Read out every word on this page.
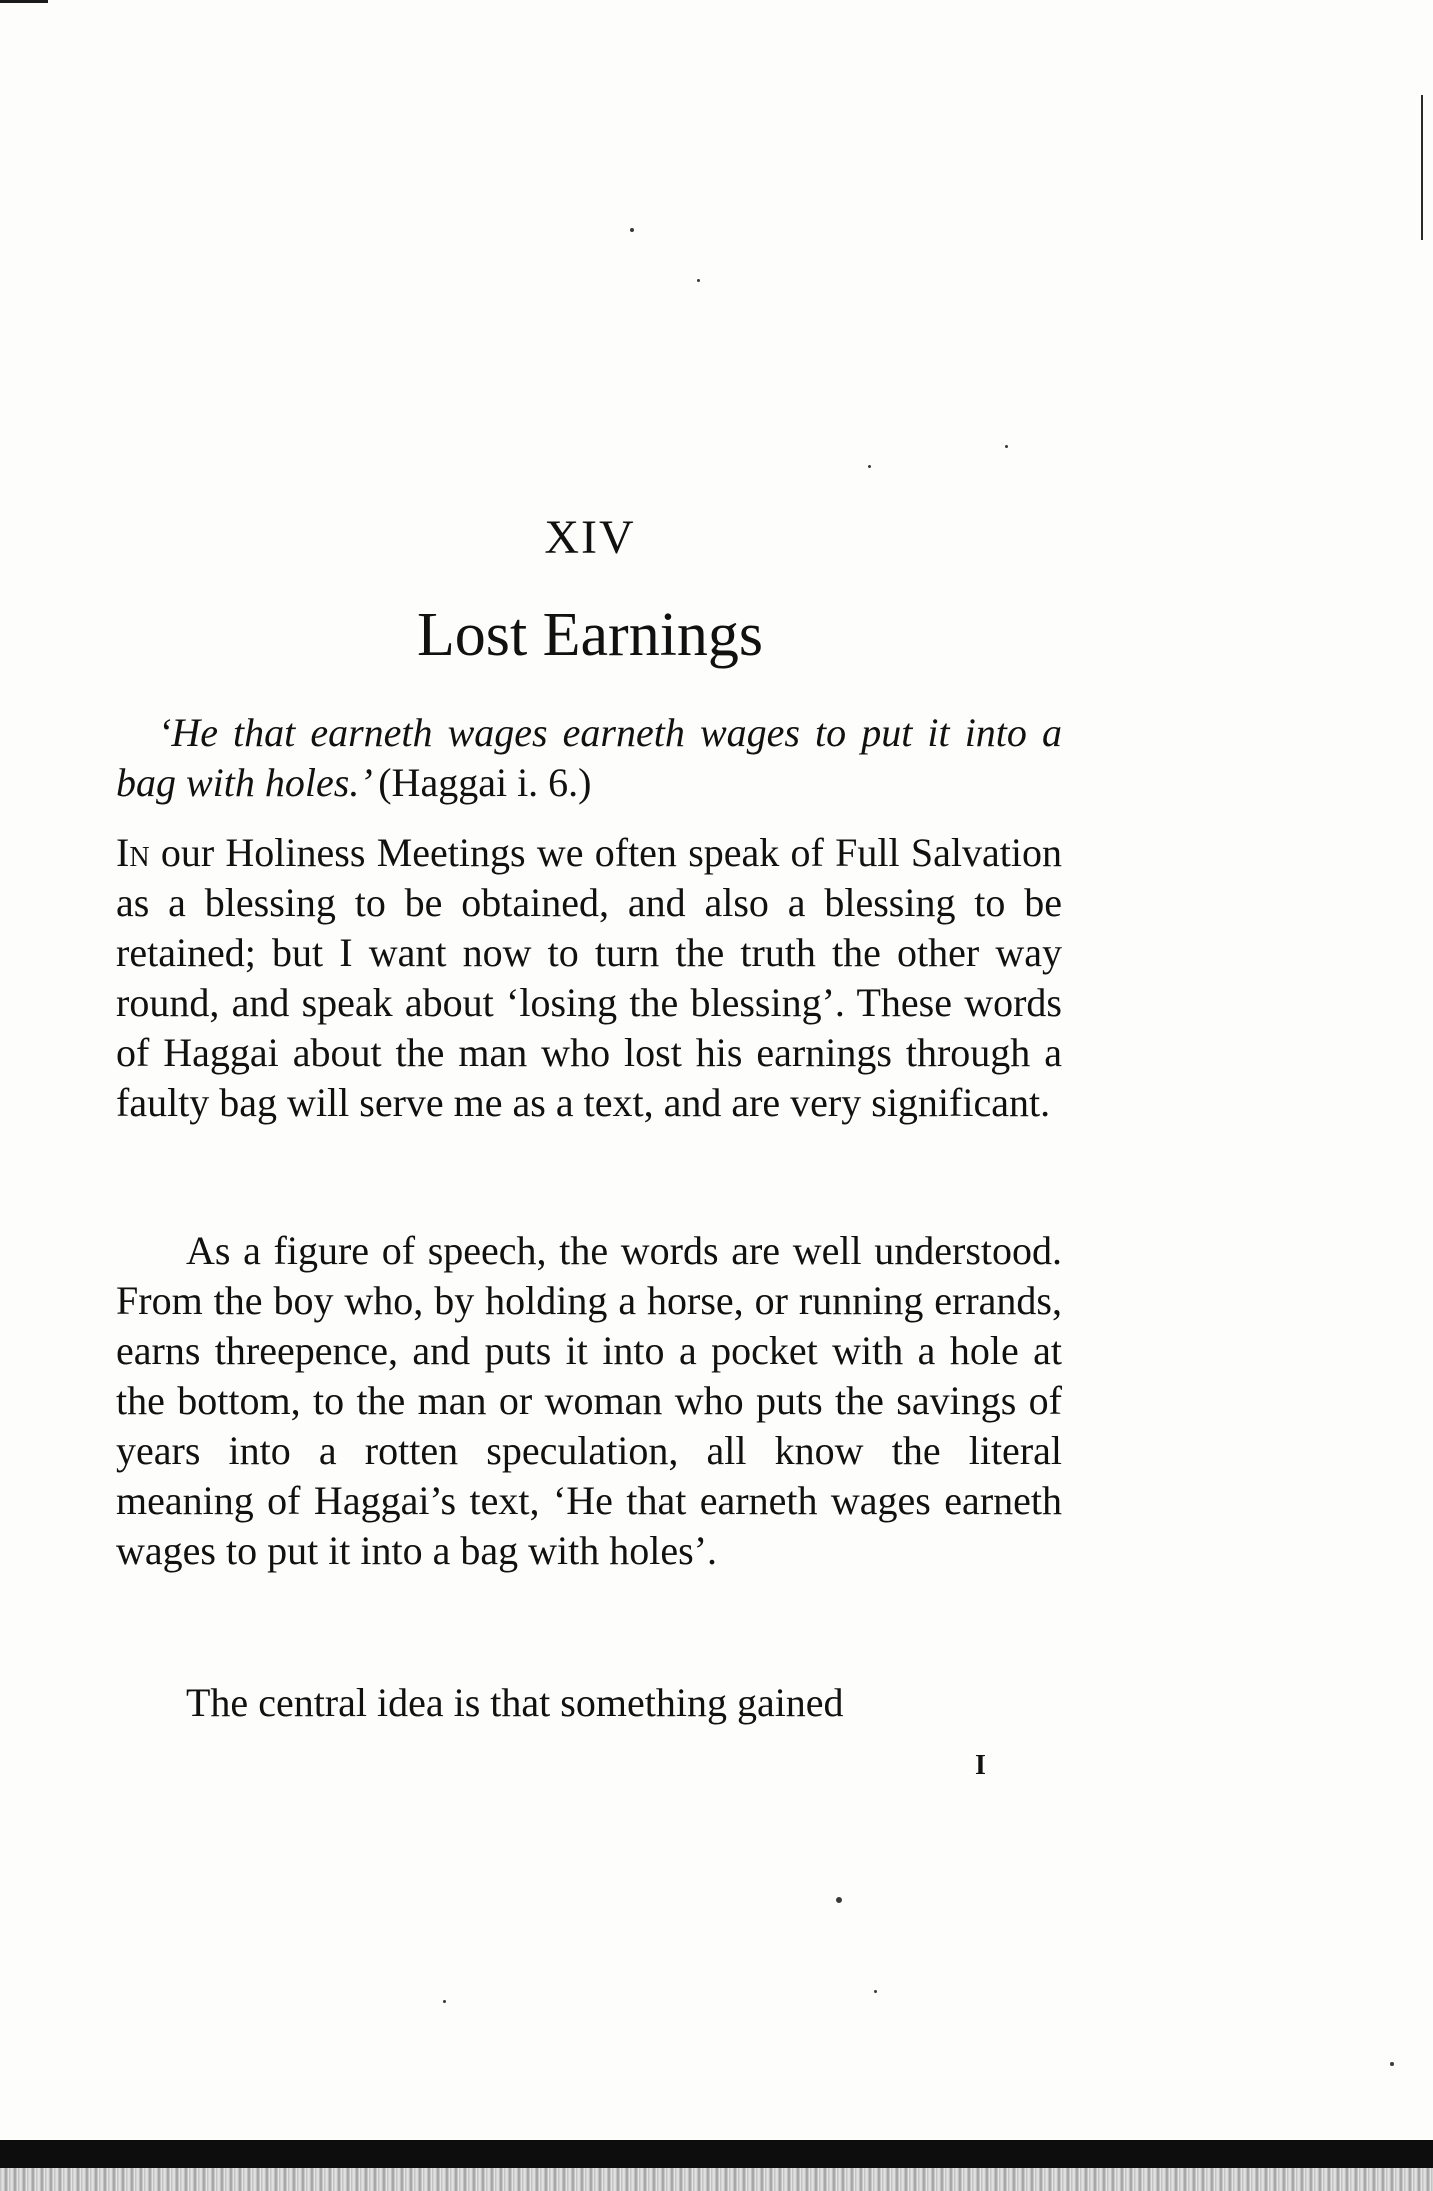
XIV
Lost Earnings
‘He that earneth wages earneth wages to put it into a bag with holes.’ (Haggai i. 6.)
In our Holiness Meetings we often speak of Full Salvation as a blessing to be obtained, and also a blessing to be retained; but I want now to turn the truth the other way round, and speak about ‘losing the blessing’. These words of Haggai about the man who lost his earnings through a faulty bag will serve me as a text, and are very significant.
As a figure of speech, the words are well understood. From the boy who, by holding a horse, or running errands, earns threepence, and puts it into a pocket with a hole at the bottom, to the man or woman who puts the savings of years into a rotten speculation, all know the literal meaning of Haggai’s text, ‘He that earneth wages earneth wages to put it into a bag with holes’.
The central idea is that something gained
I
